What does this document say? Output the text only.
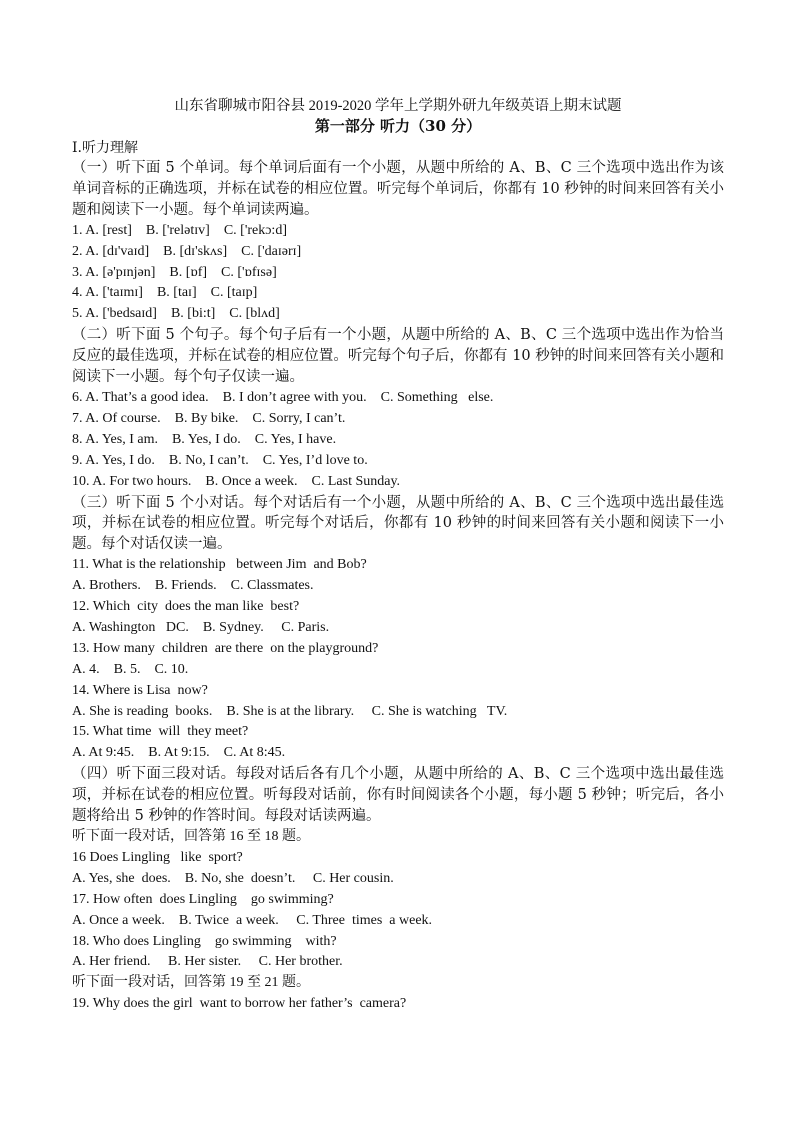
山东省聊城市阳谷县 2019-2020 学年上学期外研九年级英语上期末试题

第一部分 听力（30 分）

Ⅰ.听力理解

（一）听下面 5 个单词。每个单词后面有一个小题，从题中所给的 A、B、C 三个选项中选出作为该单词音标的正确选项，并标在试卷的相应位置。听完每个单词后，你都有 10 秒钟的时间来回答有关小题和阅读下一小题。每个单词读两遍。

1. A. [rest]    B. ['relətɪv]    C. ['rekɔ:d]

2. A. [dɪ'vaɪd]    B. [dɪ'skʌs]    C. ['daɪərɪ]

3. A. [ə'pɪnjən]    B. [ɒf]    C. ['ɒfɪsə]

4. A. ['taɪmɪ]    B. [taɪ]    C. [taɪp]

5. A. ['bedsaɪd]    B. [bi:t]    C. [blʌd]

（二）听下面 5 个句子。每个句子后有一个小题，从题中所给的 A、B、C 三个选项中选出作为恰当反应的最佳选项，并标在试卷的相应位置。听完每个句子后，你都有 10 秒钟的时间来回答有关小题和阅读下一小题。每个句子仅读一遍。

6. A. That’s a good idea.    B. I don’t agree with you.    C. Something   else.

7. A. Of course.    B. By bike.    C. Sorry, I can’t.

8. A. Yes, I am.    B. Yes, I do.    C. Yes, I have.

9. A. Yes, I do.    B. No, I can’t.    C. Yes, I’d love to.

10. A. For two hours.    B. Once a week.    C. Last Sunday.

（三）听下面 5 个小对话。每个对话后有一个小题，从题中所给的 A、B、C 三个选项中选出最佳选项，并标在试卷的相应位置。听完每个对话后，你都有 10 秒钟的时间来回答有关小题和阅读下一小题。每个对话仅读一遍。

11. What is the relationship   between Jim  and Bob?

A. Brothers.    B. Friends.    C. Classmates.

12. Which  city  does the man like  best?

A. Washington   DC.    B. Sydney.     C. Paris.

13. How many  children  are there  on the playground?

A. 4.    B. 5.    C. 10.

14. Where is Lisa  now?

A. She is reading  books.    B. She is at the library.     C. She is watching   TV.

15. What time  will  they meet?

A. At 9:45.    B. At 9:15.    C. At 8:45.

（四）听下面三段对话。每段对话后各有几个小题，从题中所给的 A、B、C 三个选项中选出最佳选项，并标在试卷的相应位置。听每段对话前，你有时间阅读各个小题，每小题 5 秒钟；听完后，各小题将给出 5 秒钟的作答时间。每段对话读两遍。

听下面一段对话，回答第 16 至 18 题。

16 Does Lingling   like  sport?

A. Yes, she  does.    B. No, she  doesn’t.     C. Her cousin.

17. How often  does Lingling    go swimming?

A. Once a week.    B. Twice  a week.     C. Three  times  a week.

18. Who does Lingling    go swimming    with?

A. Her friend.     B. Her sister.     C. Her brother.

听下面一段对话，回答第 19 至 21 题。

19. Why does the girl  want to borrow her father’s  camera?
